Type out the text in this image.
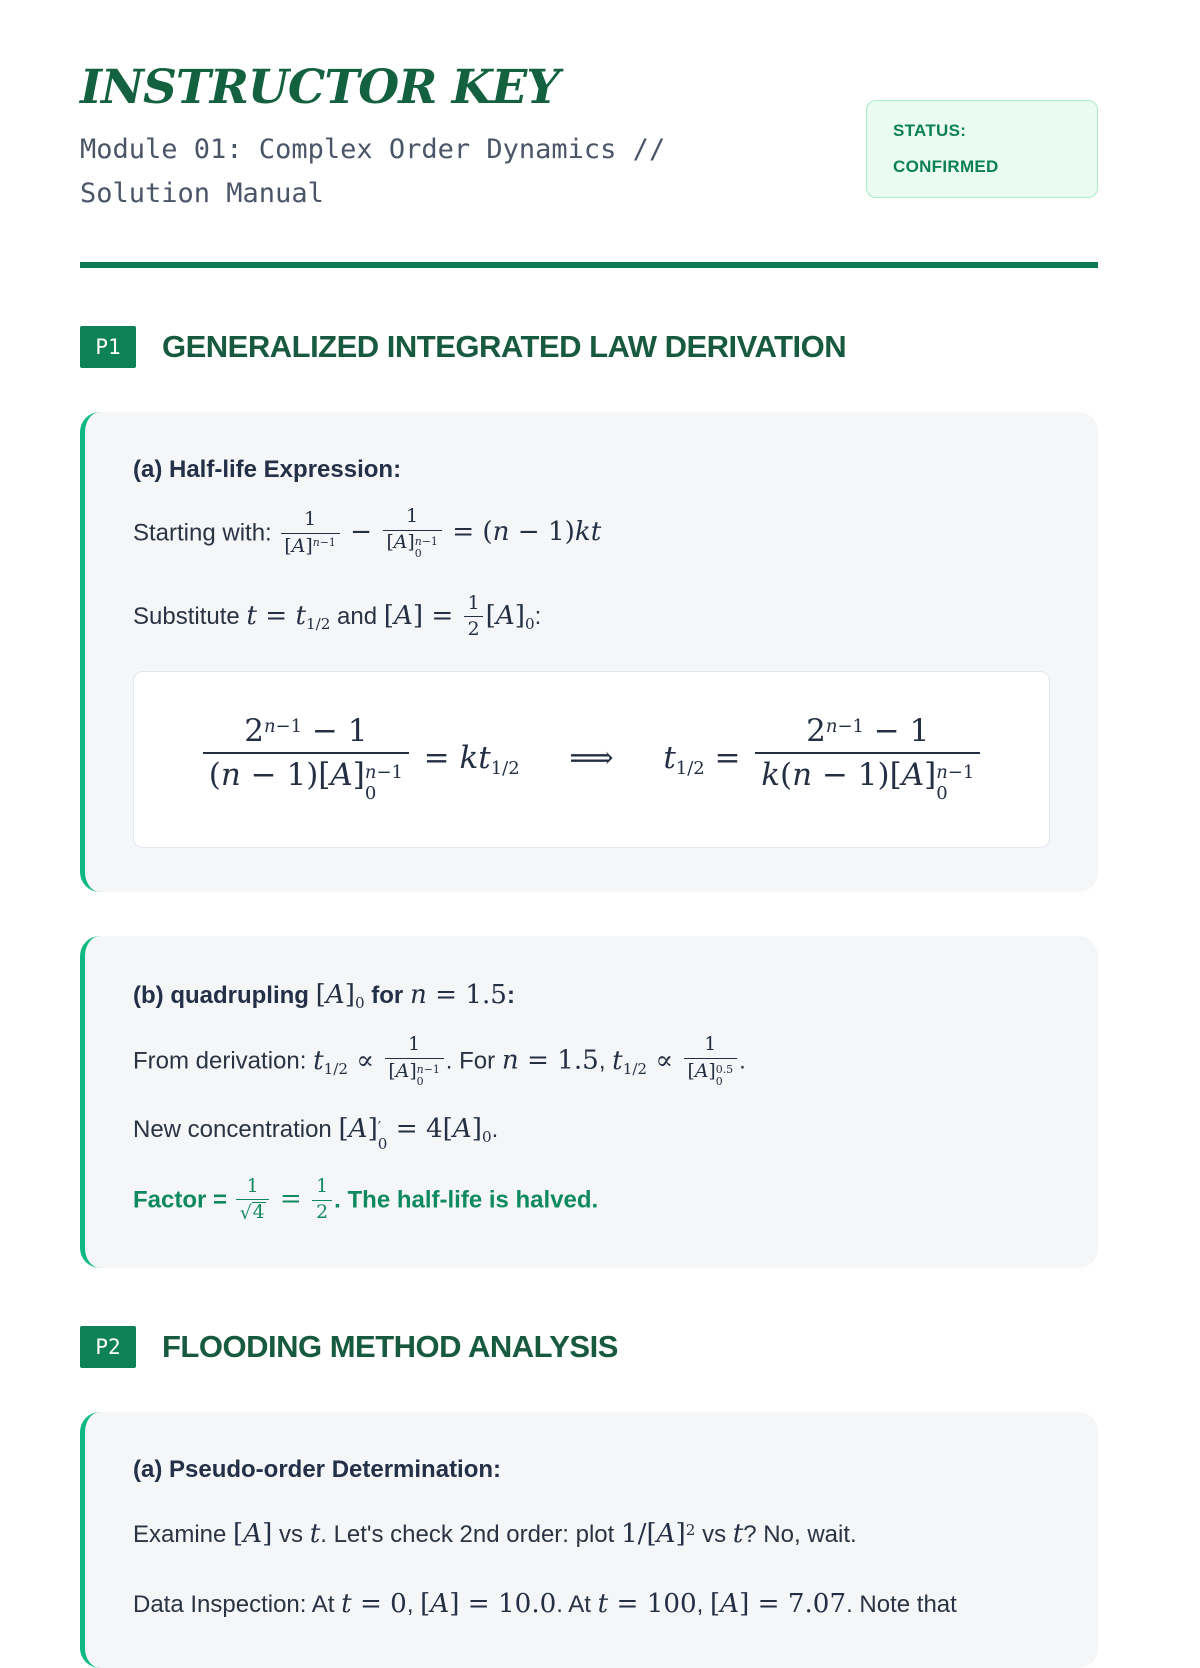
INSTRUCTOR KEY

Module 01: Complex Order Dynamics // Solution Manual

STATUS:
CONFIRMED
P1	GENERALIZED INTEGRATED LAW DERIVATION
(a) Half-life Expression:

Starting with: $\frac{1}{[A] n-1} - 1$
[A] n−1
0 = (n − 1)kt

Substitute t = t 1/2 and $[A] = \frac{1}{2} [A]$ 0 :

2 n−1 − 1
(n − 1)[A] n−1
0 = kt 1/2 ⟹ t 1/2 = 2 n−1 − 1
k(n − 1)[A] n−1
0
(b) quadrupling [A] 0 for n = 1.5:

From derivation: t 1/2 ∝ 1
[A] n−1
0 . For n = 1.5, t 1/2 ∝ 1
[A] 0.5
0 .

New concentration [A] ′
0
= 4[A] 0 .

Factor = $\frac{1}{√ 4} = \frac{1}{2}$ . The half-life is halved.

P2	FLOODING METHOD ANALYSIS
(a) Pseudo-order Determination:

Examine [A] vs t. Let's check 2nd order: plot 1/[A] 2 vs t? No, wait.

Data Inspection: At t = 0, [A] = 10.0. At t = 100, [A] = 7.07. Note that
